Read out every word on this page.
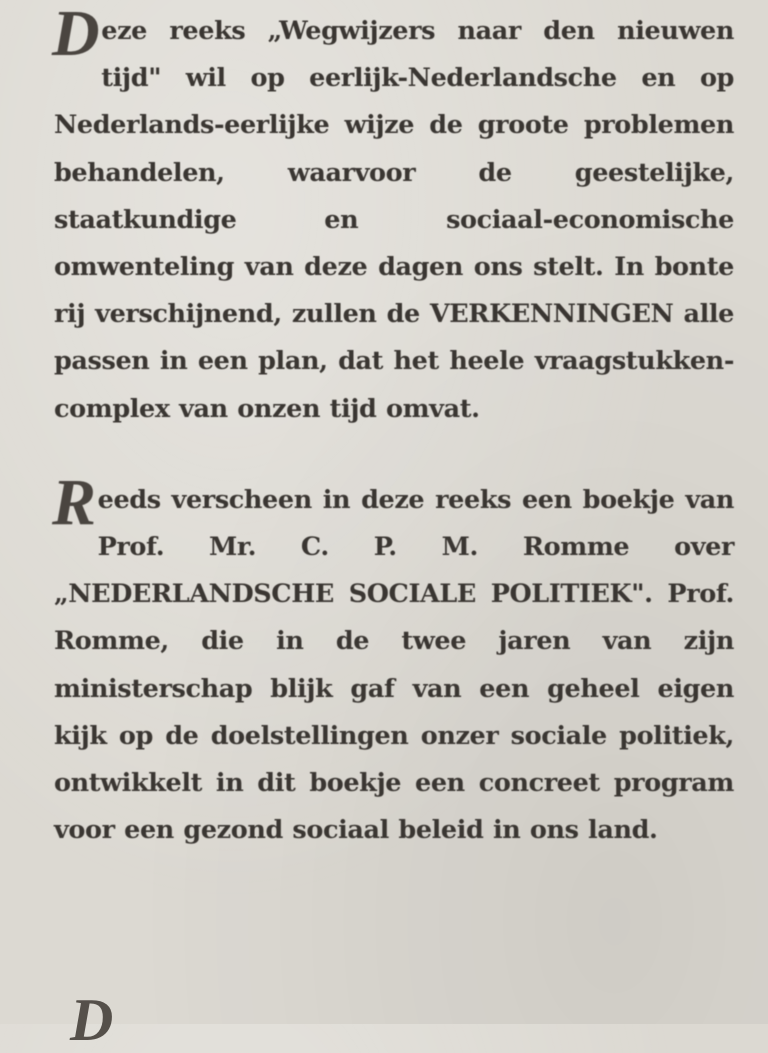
Deze reeks „Wegwijzers naar den nieuwen tijd" wil op eerlijk-Nederlandsche en op Nederlands-eerlijke wijze de groote problemen behandelen, waarvoor de geestelijke, staatkundige en sociaal-economische omwenteling van deze dagen ons stelt. In bonte rij verschijnend, zullen de VERKENNINGEN alle passen in een plan, dat het heele vraagstukken-complex van onzen tijd omvat.

Reeds verscheen in deze reeks een boekje van Prof. Mr. C. P. M. Romme over „NEDERLANDSCHE SOCIALE POLITIEK". Prof. Romme, die in de twee jaren van zijn ministerschap blijk gaf van een geheel eigen kijk op de doelstellingen onzer sociale politiek, ontwikkelt in dit boekje een concreet program voor een gezond sociaal beleid in ons land.

D
